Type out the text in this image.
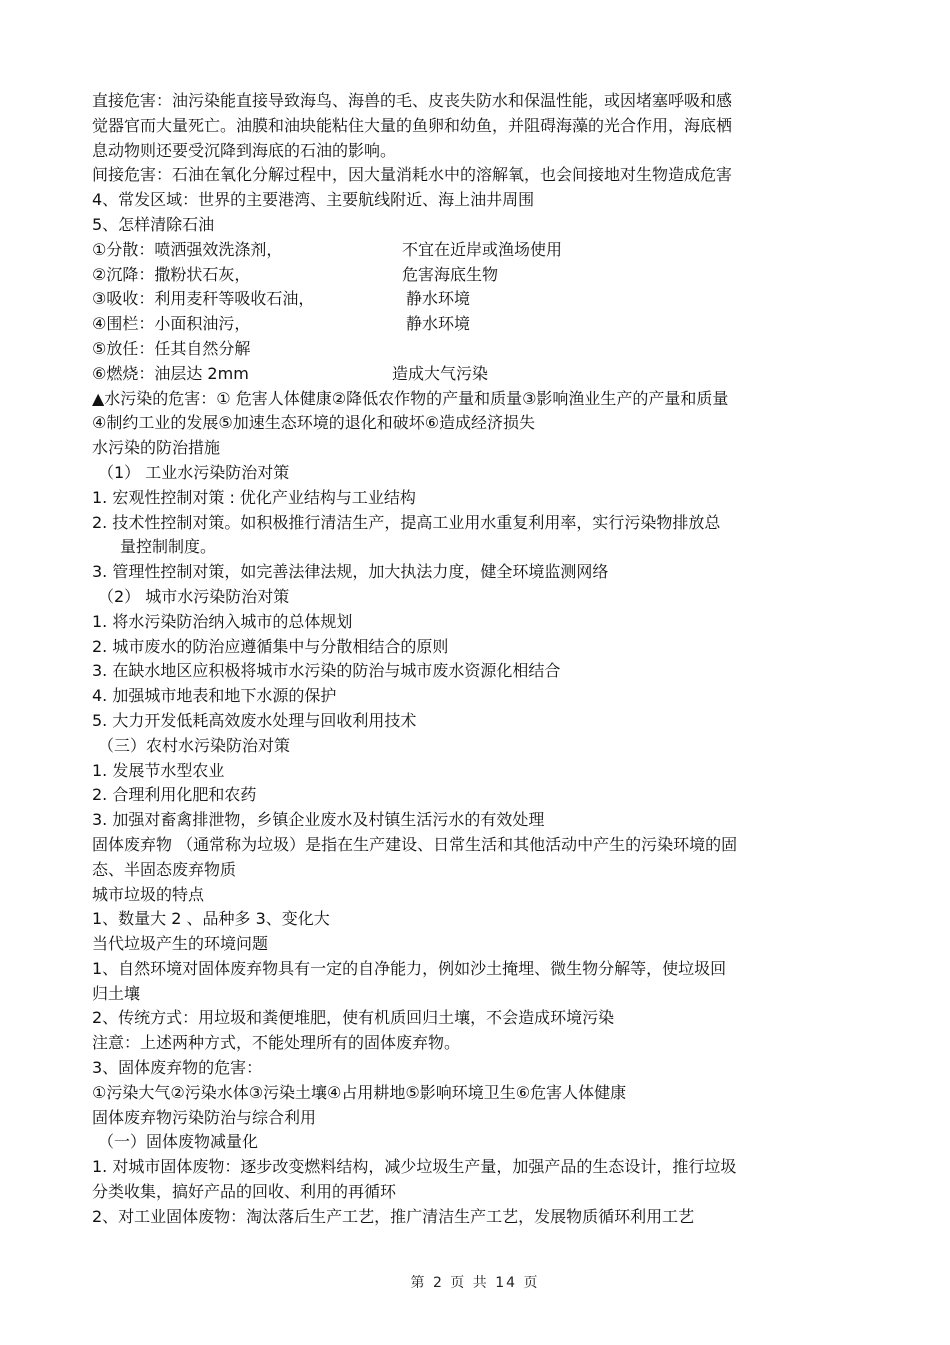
直接危害：油污染能直接导致海鸟、海兽的毛、皮丧失防水和保温性能，或因堵塞呼吸和感
觉器官而大量死亡。油膜和油块能粘住大量的鱼卵和幼鱼，并阻碍海藻的光合作用，海底栖
息动物则还要受沉降到海底的石油的影响。
间接危害：石油在氧化分解过程中，因大量消耗水中的溶解氧，也会间接地对生物造成危害
4、常发区域：世界的主要港湾、主要航线附近、海上油井周围
5、怎样清除石油
①分散：喷洒强效洗涤剂，	不宜在近岸或渔场使用
②沉降：撒粉状石灰，	危害海底生物
③吸收：利用麦秆等吸收石油，	静水环境
④围栏：小面积油污，	静水环境
⑤放任：任其自然分解
⑥燃烧：油层达 2mm	造成大气污染
▲水污染的危害：① 危害人体健康②降低农作物的产量和质量③影响渔业生产的产量和质量
④制约工业的发展⑤加速生态环境的退化和破坏⑥造成经济损失
水污染的防治措施
（1） 工业水污染防治对策
1. 宏观性控制对策 : 优化产业结构与工业结构
2. 技术性控制对策。如积极推行清洁生产，提高工业用水重复利用率，实行污染物排放总
量控制制度。
3. 管理性控制对策，如完善法律法规，加大执法力度，健全环境监测网络
（2） 城市水污染防治对策
1. 将水污染防治纳入城市的总体规划
2. 城市废水的防治应遵循集中与分散相结合的原则
3. 在缺水地区应积极将城市水污染的防治与城市废水资源化相结合
4. 加强城市地表和地下水源的保护
5. 大力开发低耗高效废水处理与回收利用技术
（三）农村水污染防治对策
1. 发展节水型农业
2. 合理利用化肥和农药
3. 加强对畜禽排泄物，乡镇企业废水及村镇生活污水的有效处理
固体废弃物 （通常称为垃圾）是指在生产建设、日常生活和其他活动中产生的污染环境的固
态、半固态废弃物质
城市垃圾的特点
1、数量大 2 、品种多 3、变化大
当代垃圾产生的环境问题
1、自然环境对固体废弃物具有一定的自净能力，例如沙土掩埋、微生物分解等，使垃圾回
归土壤
2、传统方式：用垃圾和粪便堆肥，使有机质回归土壤，不会造成环境污染
注意：上述两种方式，不能处理所有的固体废弃物。
3、固体废弃物的危害：
①污染大气②污染水体③污染土壤④占用耕地⑤影响环境卫生⑥危害人体健康
固体废弃物污染防治与综合利用
（一）固体废物减量化
1. 对城市固体废物：逐步改变燃料结构，减少垃圾生产量，加强产品的生态设计，推行垃圾
分类收集，搞好产品的回收、利用的再循环
2、对工业固体废物：淘汰落后生产工艺，推广清洁生产工艺，发展物质循环利用工艺
第 2 页 共 14 页
